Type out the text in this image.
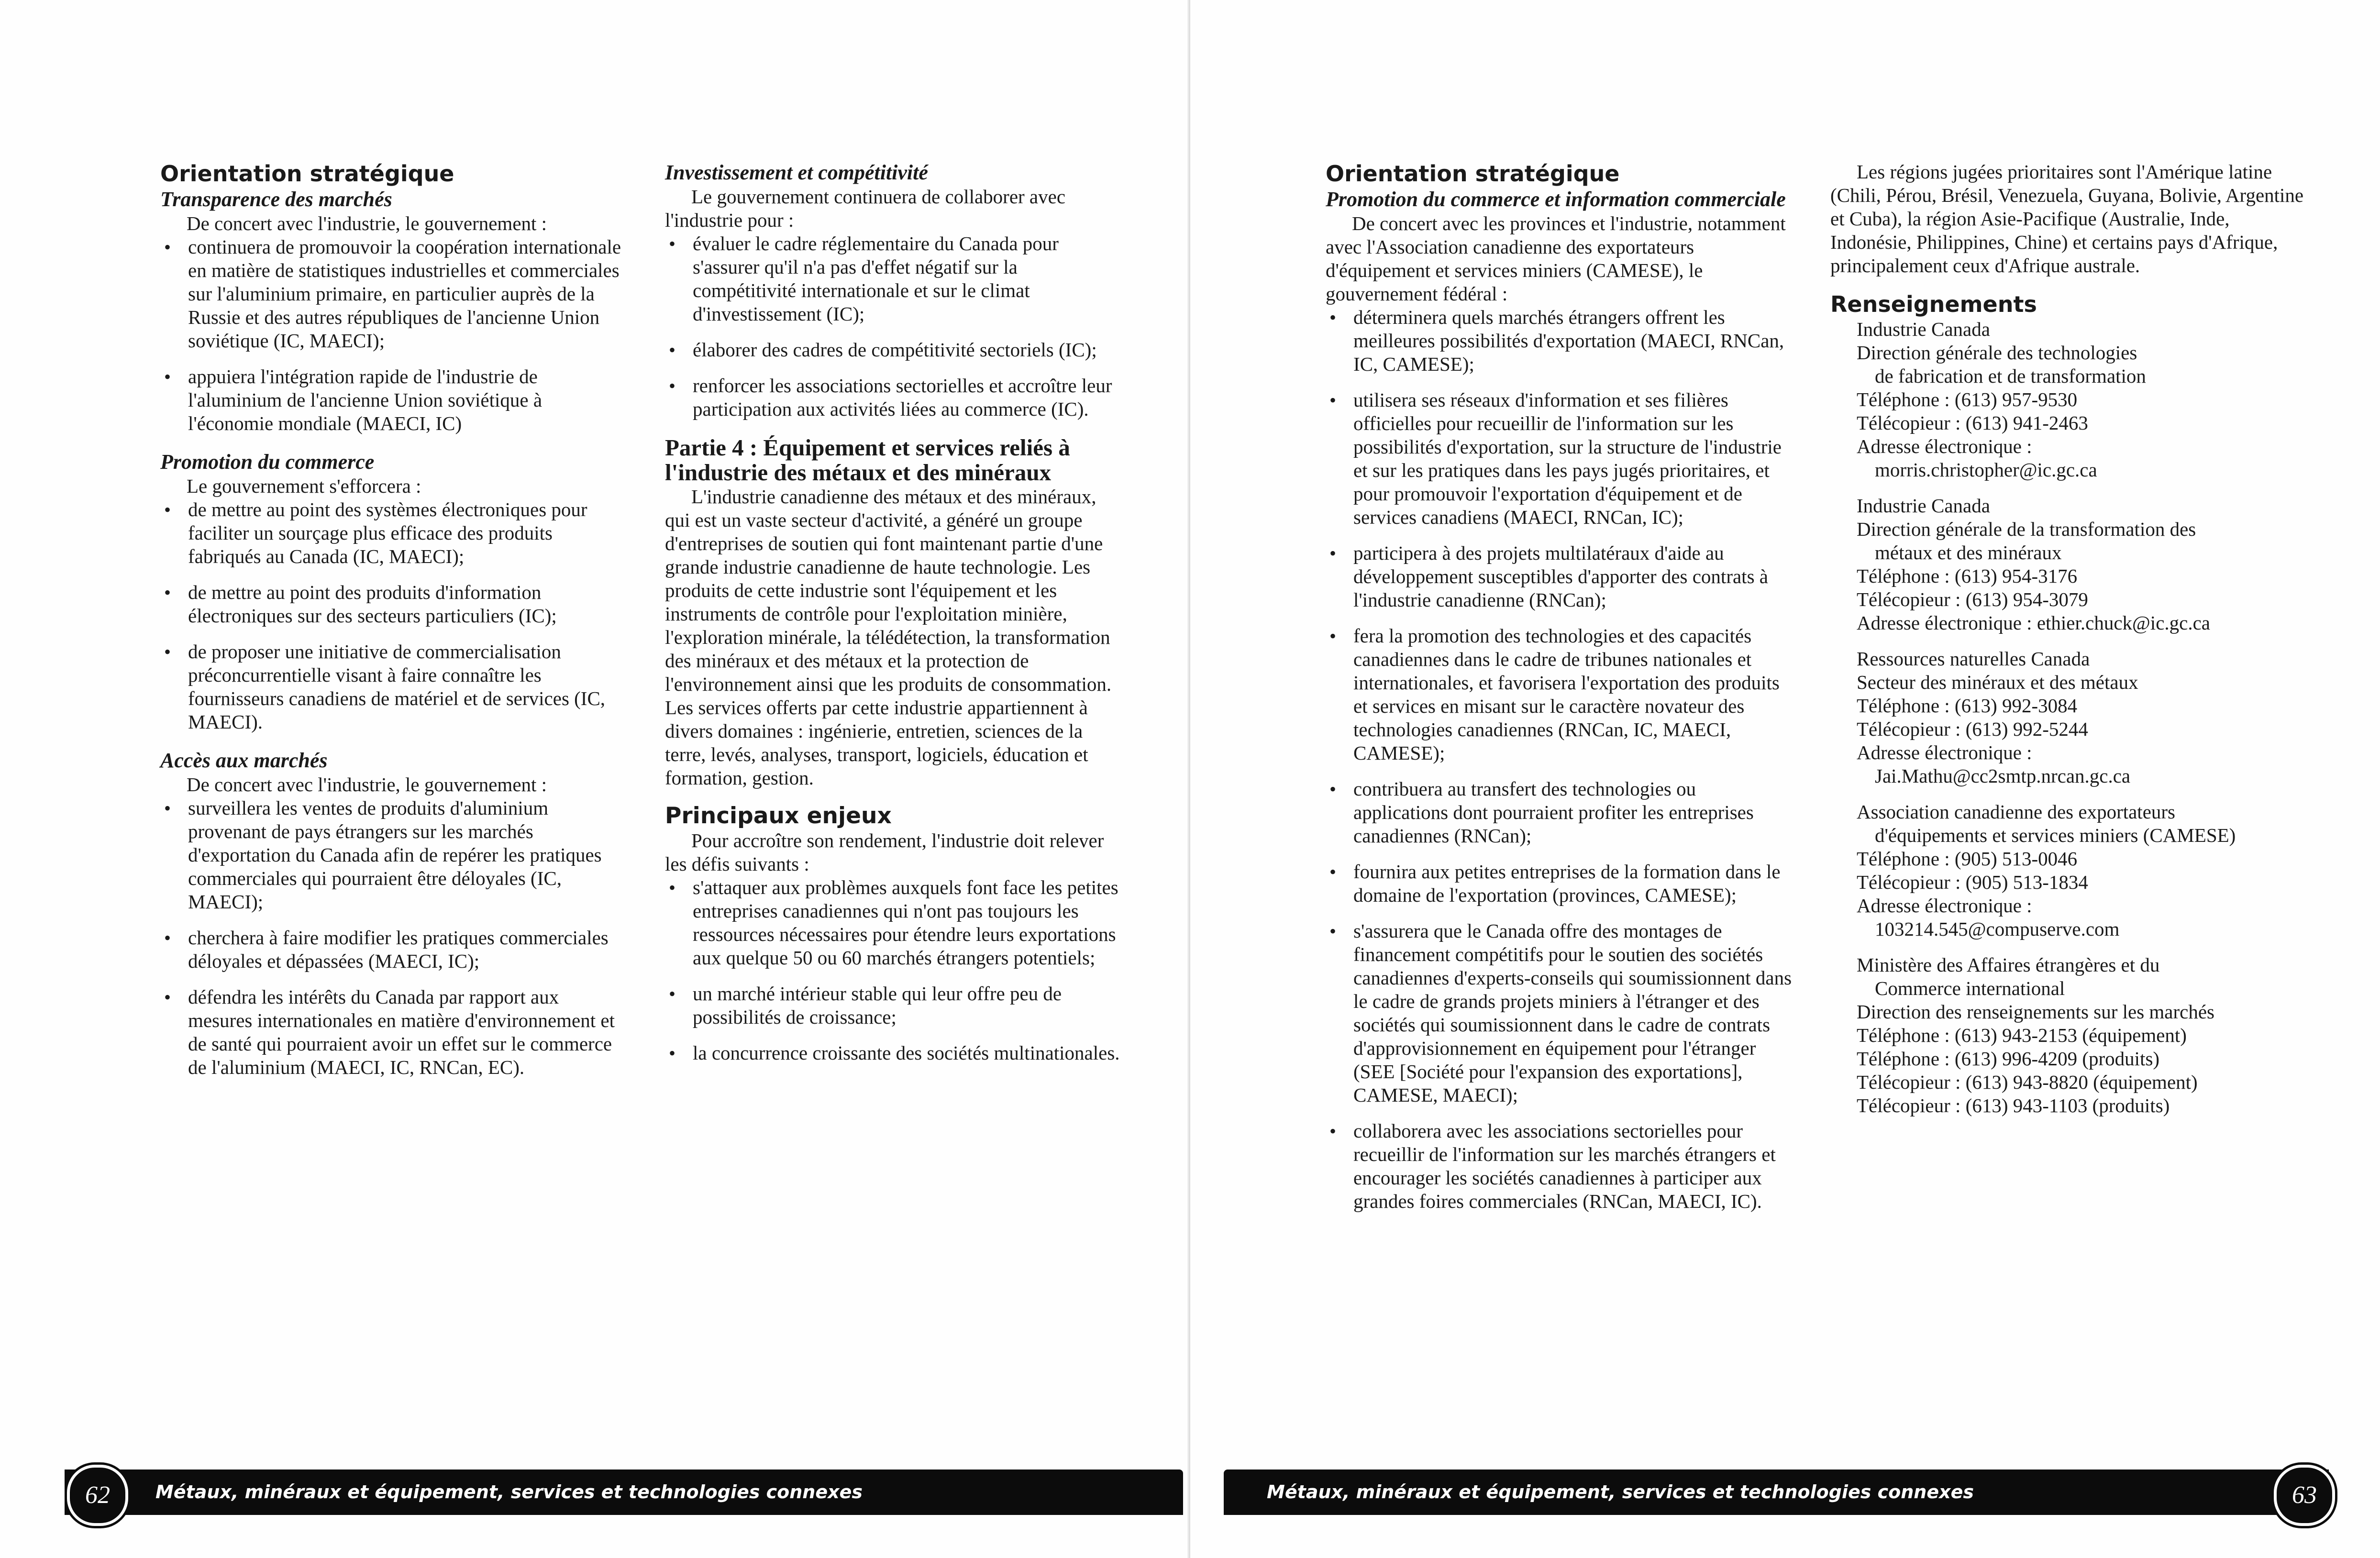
Orientation stratégique

Transparence des marchés

De concert avec l'industrie, le gouvernement :

• continuera de promouvoir la coopération internationale en matière de statistiques industrielles et commerciales sur l'aluminium primaire, en particulier auprès de la Russie et des autres républiques de l'ancienne Union soviétique (IC, MAECI);
• appuiera l'intégration rapide de l'industrie de l'aluminium de l'ancienne Union soviétique à l'économie mondiale (MAECI, IC)

Promotion du commerce

Le gouvernement s'efforcera :

• de mettre au point des systèmes électroniques pour faciliter un sourçage plus efficace des produits fabriqués au Canada (IC, MAECI);
• de mettre au point des produits d'information électroniques sur des secteurs particuliers (IC);
• de proposer une initiative de commercialisation préconcurrentielle visant à faire connaître les fournisseurs canadiens de matériel et de services (IC, MAECI).

Accès aux marchés

De concert avec l'industrie, le gouvernement :

• surveillera les ventes de produits d'aluminium provenant de pays étrangers sur les marchés d'exportation du Canada afin de repérer les pratiques commerciales qui pourraient être déloyales (IC, MAECI);
• cherchera à faire modifier les pratiques commerciales déloyales et dépassées (MAECI, IC);
• défendra les intérêts du Canada par rapport aux mesures internationales en matière d'environnement et de santé qui pourraient avoir un effet sur le commerce de l'aluminium (MAECI, IC, RNCan, EC).

Investissement et compétitivité

Le gouvernement continuera de collaborer avec l'industrie pour :

• évaluer le cadre réglementaire du Canada pour s'assurer qu'il n'a pas d'effet négatif sur la compétitivité internationale et sur le climat d'investissement (IC);
• élaborer des cadres de compétitivité sectoriels (IC);
• renforcer les associations sectorielles et accroître leur participation aux activités liées au commerce (IC).

Partie 4 : Équipement et services reliés à l'industrie des métaux et des minéraux

L'industrie canadienne des métaux et des minéraux, qui est un vaste secteur d'activité, a généré un groupe d'entreprises de soutien qui font maintenant partie d'une grande industrie canadienne de haute technologie. Les produits de cette industrie sont l'équipement et les instruments de contrôle pour l'exploitation minière, l'exploration minérale, la télédétection, la transformation des minéraux et des métaux et la protection de l'environnement ainsi que les produits de consommation. Les services offerts par cette industrie appartiennent à divers domaines : ingénierie, entretien, sciences de la terre, levés, analyses, transport, logiciels, éducation et formation, gestion.

Principaux enjeux

Pour accroître son rendement, l'industrie doit relever les défis suivants :

• s'attaquer aux problèmes auxquels font face les petites entreprises canadiennes qui n'ont pas toujours les ressources nécessaires pour étendre leurs exportations aux quelque 50 ou 60 marchés étrangers potentiels;
• un marché intérieur stable qui leur offre peu de possibilités de croissance;
• la concurrence croissante des sociétés multinationales.
Métaux, minéraux et équipement, services et technologies connexes
62

Orientation stratégique

Promotion du commerce et information commerciale

De concert avec les provinces et l'industrie, notamment avec l'Association canadienne des exportateurs d'équipement et services miniers (CAMESE), le gouvernement fédéral :

• déterminera quels marchés étrangers offrent les meilleures possibilités d'exportation (MAECI, RNCan, IC, CAMESE);
• utilisera ses réseaux d'information et ses filières officielles pour recueillir de l'information sur les possibilités d'exportation, sur la structure de l'industrie et sur les pratiques dans les pays jugés prioritaires, et pour promouvoir l'exportation d'équipement et de services canadiens (MAECI, RNCan, IC);
• participera à des projets multilatéraux d'aide au développement susceptibles d'apporter des contrats à l'industrie canadienne (RNCan);
• fera la promotion des technologies et des capacités canadiennes dans le cadre de tribunes nationales et internationales, et favorisera l'exportation des produits et services en misant sur le caractère novateur des technologies canadiennes (RNCan, IC, MAECI, CAMESE);
• contribuera au transfert des technologies ou applications dont pourraient profiter les entreprises canadiennes (RNCan);
• fournira aux petites entreprises de la formation dans le domaine de l'exportation (provinces, CAMESE);
• s'assurera que le Canada offre des montages de financement compétitifs pour le soutien des sociétés canadiennes d'experts-conseils qui soumissionnent dans le cadre de grands projets miniers à l'étranger et des sociétés qui soumissionnent dans le cadre de contrats d'approvisionnement en équipement pour l'étranger (SEE [Société pour l'expansion des exportations], CAMESE, MAECI);
• collaborera avec les associations sectorielles pour recueillir de l'information sur les marchés étrangers et encourager les sociétés canadiennes à participer aux grandes foires commerciales (RNCan, MAECI, IC).

Les régions jugées prioritaires sont l'Amérique latine (Chili, Pérou, Brésil, Venezuela, Guyana, Bolivie, Argentine et Cuba), la région Asie-Pacifique (Australie, Inde, Indonésie, Philippines, Chine) et certains pays d'Afrique, principalement ceux d'Afrique australe.

Renseignements

Industrie Canada
Direction générale des technologies
de fabrication et de transformation
Téléphone : (613) 957-9530
Télécopieur : (613) 941-2463
Adresse électronique :
morris.christopher@ic.gc.ca
Industrie Canada
Direction générale de la transformation des
métaux et des minéraux
Téléphone : (613) 954-3176
Télécopieur : (613) 954-3079
Adresse électronique : ethier.chuck@ic.gc.ca
Ressources naturelles Canada
Secteur des minéraux et des métaux
Téléphone : (613) 992-3084
Télécopieur : (613) 992-5244
Adresse électronique :
Jai.Mathu@cc2smtp.nrcan.gc.ca
Association canadienne des exportateurs
d'équipements et services miniers (CAMESE)
Téléphone : (905) 513-0046
Télécopieur : (905) 513-1834
Adresse électronique :
103214.545@compuserve.com
Ministère des Affaires étrangères et du
Commerce international
Direction des renseignements sur les marchés
Téléphone : (613) 943-2153 (équipement)
Téléphone : (613) 996-4209 (produits)
Télécopieur : (613) 943-8820 (équipement)
Télécopieur : (613) 943-1103 (produits)
Métaux, minéraux et équipement, services et technologies connexes	63
